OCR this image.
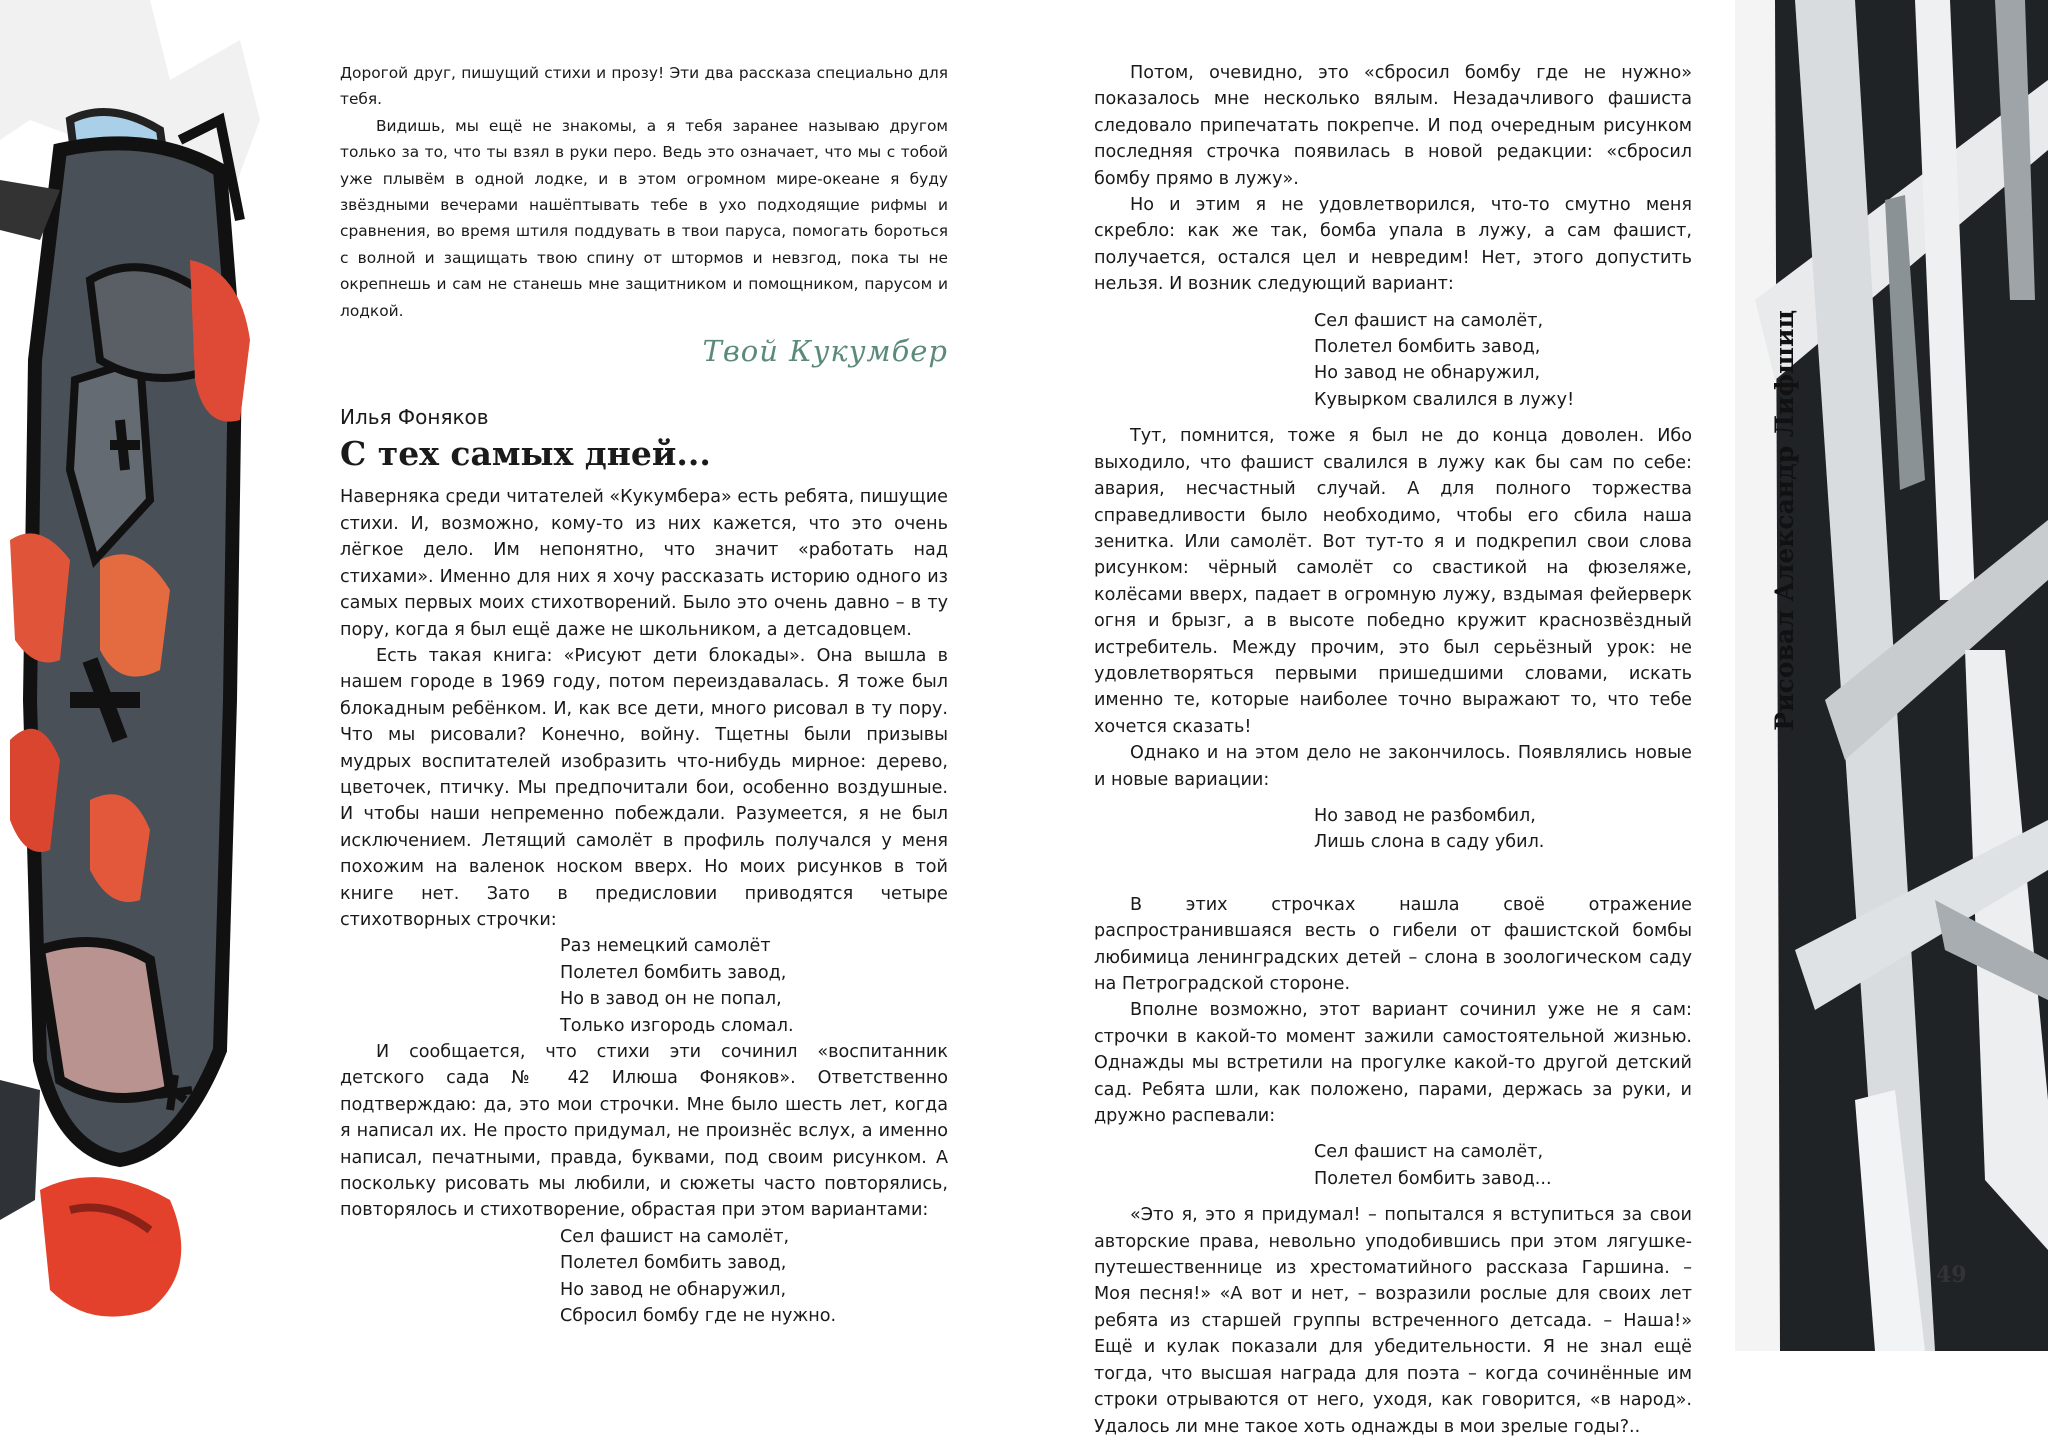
Дорогой друг, пишущий стихи и прозу! Эти два рассказа специально для тебя.

Видишь, мы ещё не знакомы, а я тебя заранее называю другом только за то, что ты взял в руки перо. Ведь это означает, что мы с тобой уже плывём в одной лодке, и в этом огромном мире-океане я буду звёздными вечерами нашёптывать тебе в ухо подходящие рифмы и сравнения, во время штиля поддувать в твои паруса, помогать бороться с волной и защищать твою спину от штормов и невзгод, пока ты не окрепнешь и сам не станешь мне защитником и помощником, парусом и лодкой.

Твой Кукумбер
Илья Фоняков
С тех самых дней...

Наверняка среди читателей «Кукумбера» есть ребята, пишущие стихи. И, возможно, кому-то из них кажется, что это очень лёгкое дело. Им непонятно, что значит «работать над стихами». Именно для них я хочу рассказать историю одного из самых первых моих стихотворений. Было это очень давно – в ту пору, когда я был ещё даже не школьником, а детсадовцем.

Есть такая книга: «Рисуют дети блокады». Она вышла в нашем городе в 1969 году, потом переиздавалась. Я тоже был блокадным ребёнком. И, как все дети, много рисовал в ту пору. Что мы рисовали? Конечно, войну. Тщетны были призывы мудрых воспитателей изобразить что-нибудь мирное: дерево, цветочек, птичку. Мы предпочитали бои, особенно воздушные. И чтобы наши непременно побеждали. Разумеется, я не был исключением. Летящий самолёт в профиль получался у меня похожим на валенок носком вверх. Но моих рисунков в той книге нет. Зато в предисловии приводятся четыре стихотворных строчки:

Раз немецкий самолёт
Полетел бомбить завод,
Но в завод он не попал,
Только изгородь сломал.

И сообщается, что стихи эти сочинил «воспитанник детского сада № 42 Илюша Фоняков». Ответственно подтверждаю: да, это мои строчки. Мне было шесть лет, когда я написал их. Не просто придумал, не произнёс вслух, а именно написал, печатными, правда, буквами, под своим рисунком. А поскольку рисовать мы любили, и сюжеты часто повторялись, повторялось и стихотворение, обрастая при этом вариантами:

Сел фашист на самолёт,
Полетел бомбить завод,
Но завод не обнаружил,
Сбросил бомбу где не нужно.

Потом, очевидно, это «сбросил бомбу где не нужно» показалось мне несколько вялым. Незадачливого фашиста следовало припечатать покрепче. И под очередным рисунком последняя строчка появилась в новой редакции: «сбросил бомбу прямо в лужу».

Но и этим я не удовлетворился, что-то смутно меня скребло: как же так, бомба упала в лужу, а сам фашист, получается, остался цел и невредим! Нет, этого допустить нельзя. И возник следующий вариант:

Сел фашист на самолёт,
Полетел бомбить завод,
Но завод не обнаружил,
Кувырком свалился в лужу!

Тут, помнится, тоже я был не до конца доволен. Ибо выходило, что фашист свалился в лужу как бы сам по себе: авария, несчастный случай. А для полного торжества справедливости было необходимо, чтобы его сбила наша зенитка. Или самолёт. Вот тут-то я и подкрепил свои слова рисунком: чёрный самолёт со свастикой на фюзеляже, колёсами вверх, падает в огромную лужу, вздымая фейерверк огня и брызг, а в высоте победно кружит краснозвёздный истребитель. Между прочим, это был серьёзный урок: не удовлетворяться первыми пришедшими словами, искать именно те, которые наиболее точно выражают то, что тебе хочется сказать!

Однако и на этом дело не закончилось. Появлялись новые и новые вариации:

Но завод не разбомбил,
Лишь слона в саду убил.

В этих строчках нашла своё отражение распространившаяся весть о гибели от фашистской бомбы любимица ленинградских детей – слона в зоологическом саду на Петроградской стороне.

Вполне возможно, этот вариант сочинил уже не я сам: строчки в какой-то момент зажили самостоятельной жизнью. Однажды мы встретили на прогулке какой-то другой детский сад. Ребята шли, как положено, парами, держась за руки, и дружно распевали:

Сел фашист на самолёт,
Полетел бомбить завод...

«Это я, это я придумал! – попытался я вступиться за свои авторские права, невольно уподобившись при этом лягушке-путешественнице из хрестоматийного рассказа Гаршина. – Моя песня!» «А вот и нет, – возразили рослые для своих лет ребята из старшей группы встреченного детсада. – Наша!» Ещё и кулак показали для убедительности. Я не знал ещё тогда, что высшая награда для поэта – когда сочинённые им строки отрываются от него, уходя, как говорится, «в народ». Удалось ли мне такое хоть однажды в мои зрелые годы?..

Рисовал Александр Лифшиц
49
